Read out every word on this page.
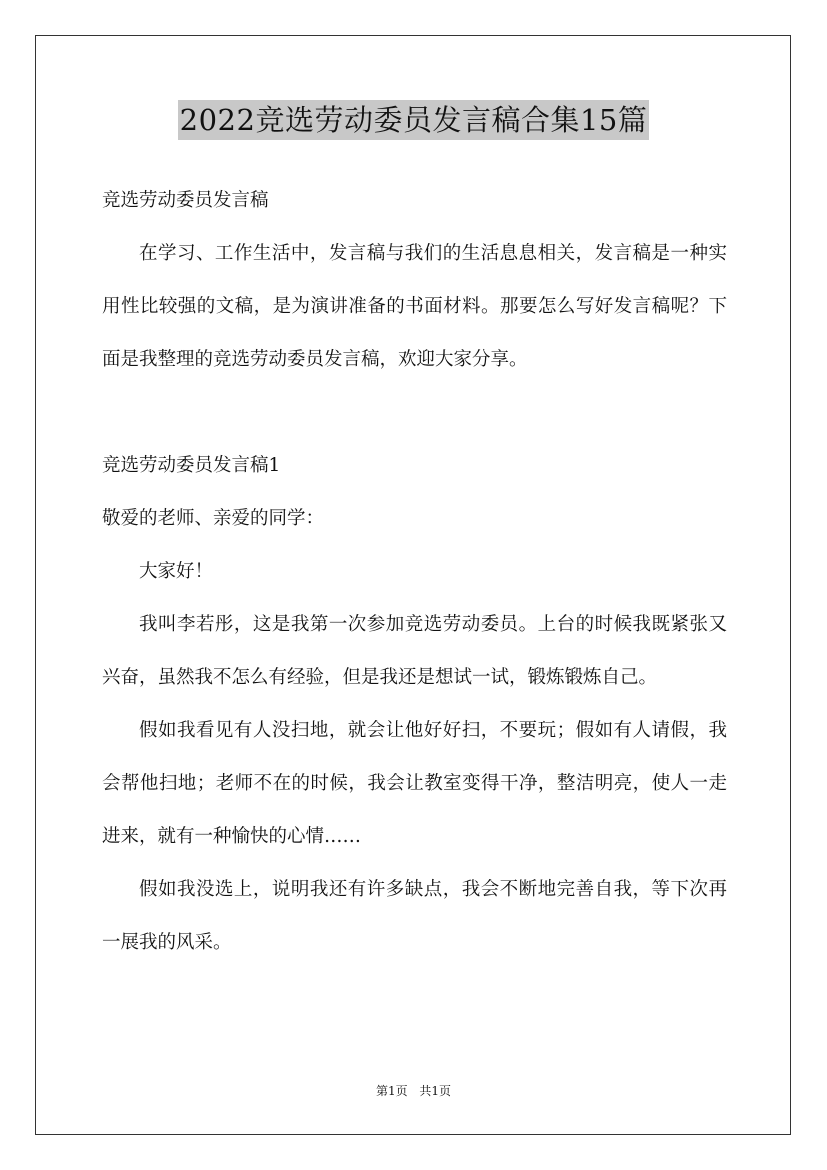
2022竞选劳动委员发言稿合集15篇

竞选劳动委员发言稿

在学习、工作生活中，发言稿与我们的生活息息相关，发言稿是一种实用性比较强的文稿，是为演讲准备的书面材料。那要怎么写好发言稿呢？下面是我整理的竞选劳动委员发言稿，欢迎大家分享。

竞选劳动委员发言稿1

敬爱的老师、亲爱的同学：

大家好！

我叫李若彤，这是我第一次参加竞选劳动委员。上台的时候我既紧张又兴奋，虽然我不怎么有经验，但是我还是想试一试，锻炼锻炼自己。

假如我看见有人没扫地，就会让他好好扫，不要玩；假如有人请假，我会帮他扫地；老师不在的时候，我会让教室变得干净，整洁明亮，使人一走进来，就有一种愉快的心情……

假如我没选上，说明我还有许多缺点，我会不断地完善自我，等下次再一展我的风采。

第1页 共1页
